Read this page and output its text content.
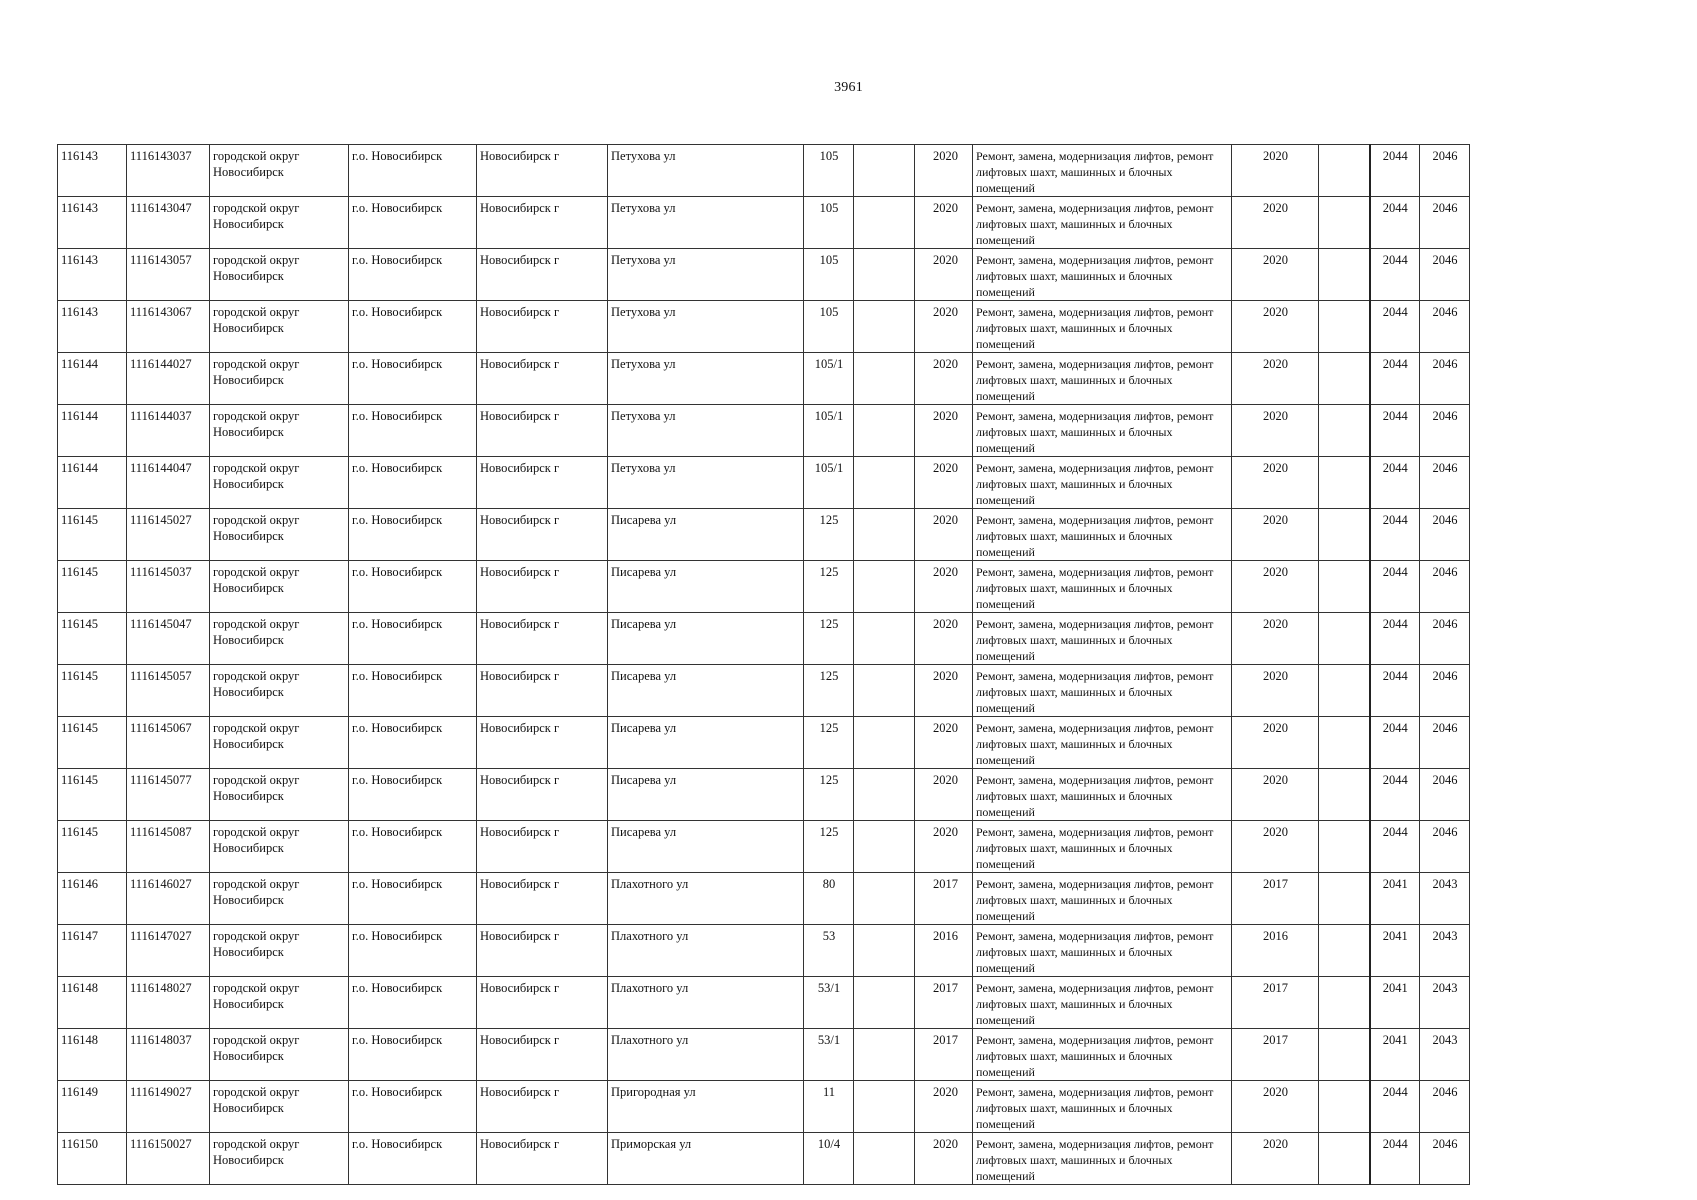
3961
116143	1116143037	городской округ Новосибирск	г.о. Новосибирск	Новосибирск г	Петухова ул	105		2020	Ремонт, замена, модернизация лифтов, ремонт лифтовых шахт, машинных и блочных помещений	2020		2044	2046
116143	1116143047	городской округ Новосибирск	г.о. Новосибирск	Новосибирск г	Петухова ул	105		2020	Ремонт, замена, модернизация лифтов, ремонт лифтовых шахт, машинных и блочных помещений	2020		2044	2046
116143	1116143057	городской округ Новосибирск	г.о. Новосибирск	Новосибирск г	Петухова ул	105		2020	Ремонт, замена, модернизация лифтов, ремонт лифтовых шахт, машинных и блочных помещений	2020		2044	2046
116143	1116143067	городской округ Новосибирск	г.о. Новосибирск	Новосибирск г	Петухова ул	105		2020	Ремонт, замена, модернизация лифтов, ремонт лифтовых шахт, машинных и блочных помещений	2020		2044	2046
116144	1116144027	городской округ Новосибирск	г.о. Новосибирск	Новосибирск г	Петухова ул	105/1		2020	Ремонт, замена, модернизация лифтов, ремонт лифтовых шахт, машинных и блочных помещений	2020		2044	2046
116144	1116144037	городской округ Новосибирск	г.о. Новосибирск	Новосибирск г	Петухова ул	105/1		2020	Ремонт, замена, модернизация лифтов, ремонт лифтовых шахт, машинных и блочных помещений	2020		2044	2046
116144	1116144047	городской округ Новосибирск	г.о. Новосибирск	Новосибирск г	Петухова ул	105/1		2020	Ремонт, замена, модернизация лифтов, ремонт лифтовых шахт, машинных и блочных помещений	2020		2044	2046
116145	1116145027	городской округ Новосибирск	г.о. Новосибирск	Новосибирск г	Писарева ул	125		2020	Ремонт, замена, модернизация лифтов, ремонт лифтовых шахт, машинных и блочных помещений	2020		2044	2046
116145	1116145037	городской округ Новосибирск	г.о. Новосибирск	Новосибирск г	Писарева ул	125		2020	Ремонт, замена, модернизация лифтов, ремонт лифтовых шахт, машинных и блочных помещений	2020		2044	2046
116145	1116145047	городской округ Новосибирск	г.о. Новосибирск	Новосибирск г	Писарева ул	125		2020	Ремонт, замена, модернизация лифтов, ремонт лифтовых шахт, машинных и блочных помещений	2020		2044	2046
116145	1116145057	городской округ Новосибирск	г.о. Новосибирск	Новосибирск г	Писарева ул	125		2020	Ремонт, замена, модернизация лифтов, ремонт лифтовых шахт, машинных и блочных помещений	2020		2044	2046
116145	1116145067	городской округ Новосибирск	г.о. Новосибирск	Новосибирск г	Писарева ул	125		2020	Ремонт, замена, модернизация лифтов, ремонт лифтовых шахт, машинных и блочных помещений	2020		2044	2046
116145	1116145077	городской округ Новосибирск	г.о. Новосибирск	Новосибирск г	Писарева ул	125		2020	Ремонт, замена, модернизация лифтов, ремонт лифтовых шахт, машинных и блочных помещений	2020		2044	2046
116145	1116145087	городской округ Новосибирск	г.о. Новосибирск	Новосибирск г	Писарева ул	125		2020	Ремонт, замена, модернизация лифтов, ремонт лифтовых шахт, машинных и блочных помещений	2020		2044	2046
116146	1116146027	городской округ Новосибирск	г.о. Новосибирск	Новосибирск г	Плахотного ул	80		2017	Ремонт, замена, модернизация лифтов, ремонт лифтовых шахт, машинных и блочных помещений	2017		2041	2043
116147	1116147027	городской округ Новосибирск	г.о. Новосибирск	Новосибирск г	Плахотного ул	53		2016	Ремонт, замена, модернизация лифтов, ремонт лифтовых шахт, машинных и блочных помещений	2016		2041	2043
116148	1116148027	городской округ Новосибирск	г.о. Новосибирск	Новосибирск г	Плахотного ул	53/1		2017	Ремонт, замена, модернизация лифтов, ремонт лифтовых шахт, машинных и блочных помещений	2017		2041	2043
116148	1116148037	городской округ Новосибирск	г.о. Новосибирск	Новосибирск г	Плахотного ул	53/1		2017	Ремонт, замена, модернизация лифтов, ремонт лифтовых шахт, машинных и блочных помещений	2017		2041	2043
116149	1116149027	городской округ Новосибирск	г.о. Новосибирск	Новосибирск г	Пригородная ул	11		2020	Ремонт, замена, модернизация лифтов, ремонт лифтовых шахт, машинных и блочных помещений	2020		2044	2046
116150	1116150027	городской округ Новосибирск	г.о. Новосибирск	Новосибирск г	Приморская ул	10/4		2020	Ремонт, замена, модернизация лифтов, ремонт лифтовых шахт, машинных и блочных помещений	2020		2044	2046
